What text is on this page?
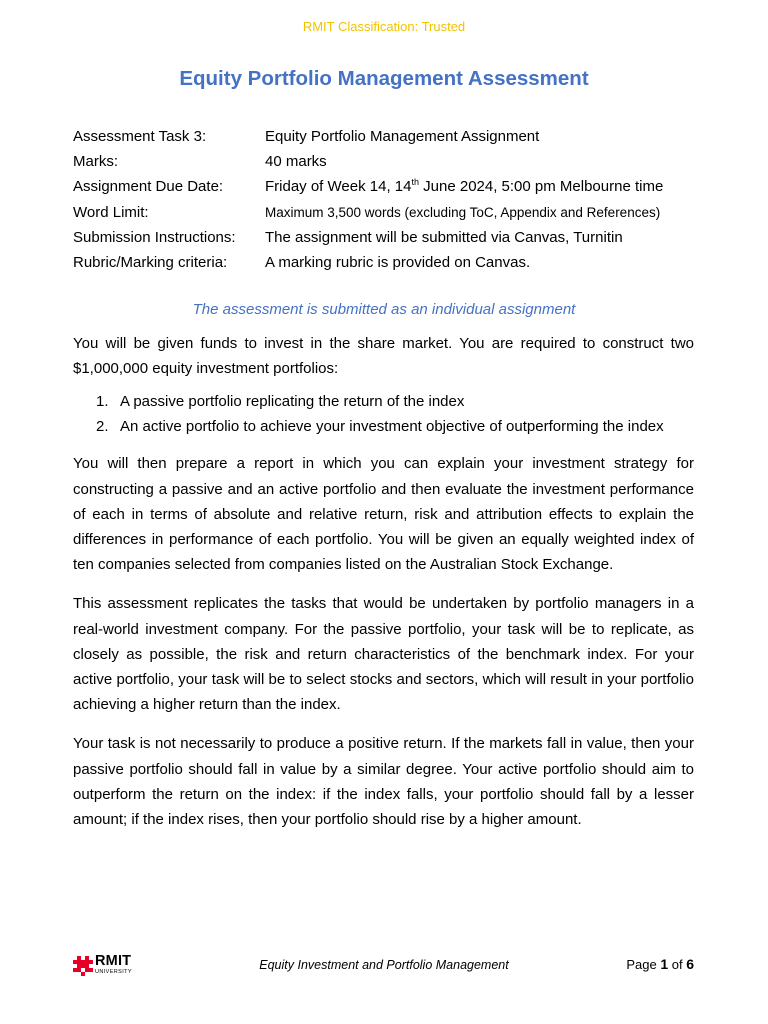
RMIT Classification: Trusted
Equity Portfolio Management Assessment
Assessment Task 3:	Equity Portfolio Management Assignment
Marks:	40 marks
Assignment Due Date:	Friday of Week 14, 14th June 2024, 5:00 pm Melbourne time
Word Limit:	Maximum 3,500 words (excluding ToC, Appendix and References)
Submission Instructions:	The assignment will be submitted via Canvas, Turnitin
Rubric/Marking criteria:	A marking rubric is provided on Canvas.
The assessment is submitted as an individual assignment

You will be given funds to invest in the share market. You are required to construct two $1,000,000 equity investment portfolios:

1. A passive portfolio replicating the return of the index
2. An active portfolio to achieve your investment objective of outperforming the index

You will then prepare a report in which you can explain your investment strategy for constructing a passive and an active portfolio and then evaluate the investment performance of each in terms of absolute and relative return, risk and attribution effects to explain the differences in performance of each portfolio. You will be given an equally weighted index of ten companies selected from companies listed on the Australian Stock Exchange.

This assessment replicates the tasks that would be undertaken by portfolio managers in a real-world investment company. For the passive portfolio, your task will be to replicate, as closely as possible, the risk and return characteristics of the benchmark index. For your active portfolio, your task will be to select stocks and sectors, which will result in your portfolio achieving a higher return than the index.

Your task is not necessarily to produce a positive return. If the markets fall in value, then your passive portfolio should fall in value by a similar degree. Your active portfolio should aim to outperform the return on the index: if the index falls, your portfolio should fall by a lesser amount; if the index rises, then your portfolio should rise by a higher amount.

RMIT
UNIVERSITY	Equity Investment and Portfolio Management	Page 1 of 6
